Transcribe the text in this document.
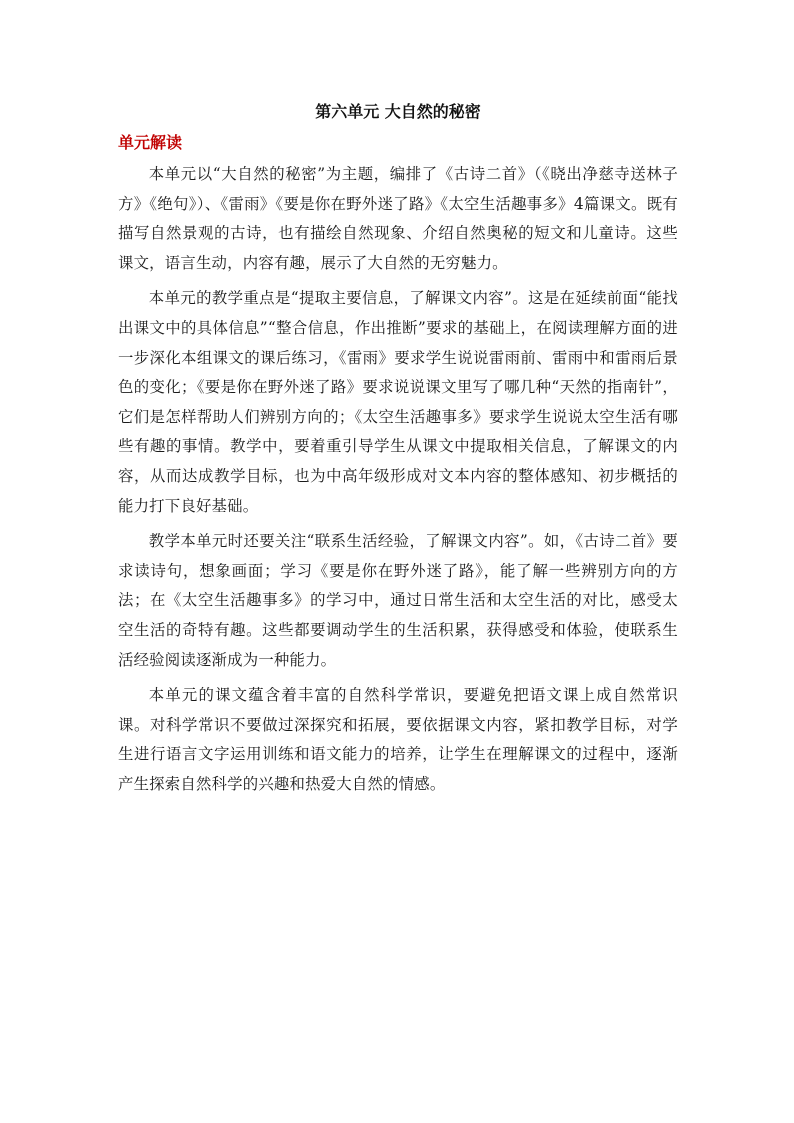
第六单元 大自然的秘密
单元解读

本单元以“大自然的秘密”为主题，编排了《古诗二首》（《晓出净慈寺送林子方》《绝句》）、《雷雨》《要是你在野外迷了路》《太空生活趣事多》4篇课文。既有描写自然景观的古诗，也有描绘自然现象、介绍自然奥秘的短文和儿童诗。这些课文，语言生动，内容有趣，展示了大自然的无穷魅力。

本单元的教学重点是“提取主要信息，了解课文内容”。这是在延续前面“能找出课文中的具体信息”“整合信息，作出推断”要求的基础上，在阅读理解方面的进一步深化本组课文的课后练习，《雷雨》要求学生说说雷雨前、雷雨中和雷雨后景色的变化；《要是你在野外迷了路》要求说说课文里写了哪几种“天然的指南针”，它们是怎样帮助人们辨别方向的；《太空生活趣事多》要求学生说说太空生活有哪些有趣的事情。教学中，要着重引导学生从课文中提取相关信息，了解课文的内容，从而达成教学目标，也为中高年级形成对文本内容的整体感知、初步概括的能力打下良好基础。

教学本单元时还要关注“联系生活经验，了解课文内容”。如，《古诗二首》要求读诗句，想象画面；学习《要是你在野外迷了路》，能了解一些辨别方向的方法；在《太空生活趣事多》的学习中，通过日常生活和太空生活的对比，感受太空生活的奇特有趣。这些都要调动学生的生活积累，获得感受和体验，使联系生活经验阅读逐渐成为一种能力。

本单元的课文蕴含着丰富的自然科学常识，要避免把语文课上成自然常识课。对科学常识不要做过深探究和拓展，要依据课文内容，紧扣教学目标，对学生进行语言文字运用训练和语文能力的培养，让学生在理解课文的过程中，逐渐产生探索自然科学的兴趣和热爱大自然的情感。
